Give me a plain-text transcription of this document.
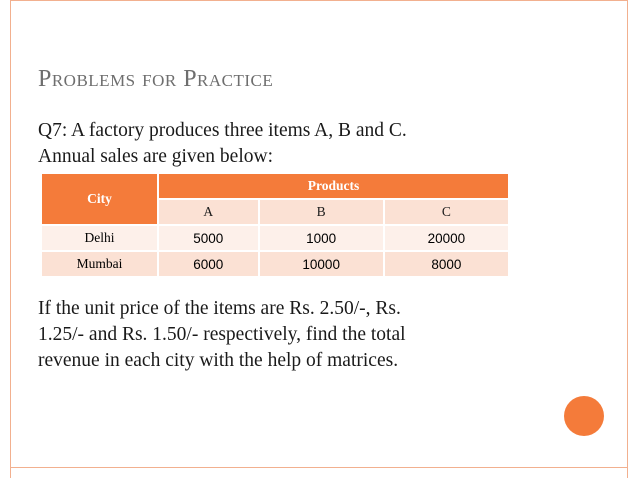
Problems for Practice
Q7: A factory produces three items A, B and C.
Annual sales are given below:
City	Products		
	A	B	C
Delhi	5000	1000	20000
Mumbai	6000	10000	8000
If the unit price of the items are Rs. 2.50/-, Rs.
1.25/- and Rs. 1.50/- respectively, find the total
revenue in each city with the help of matrices.
